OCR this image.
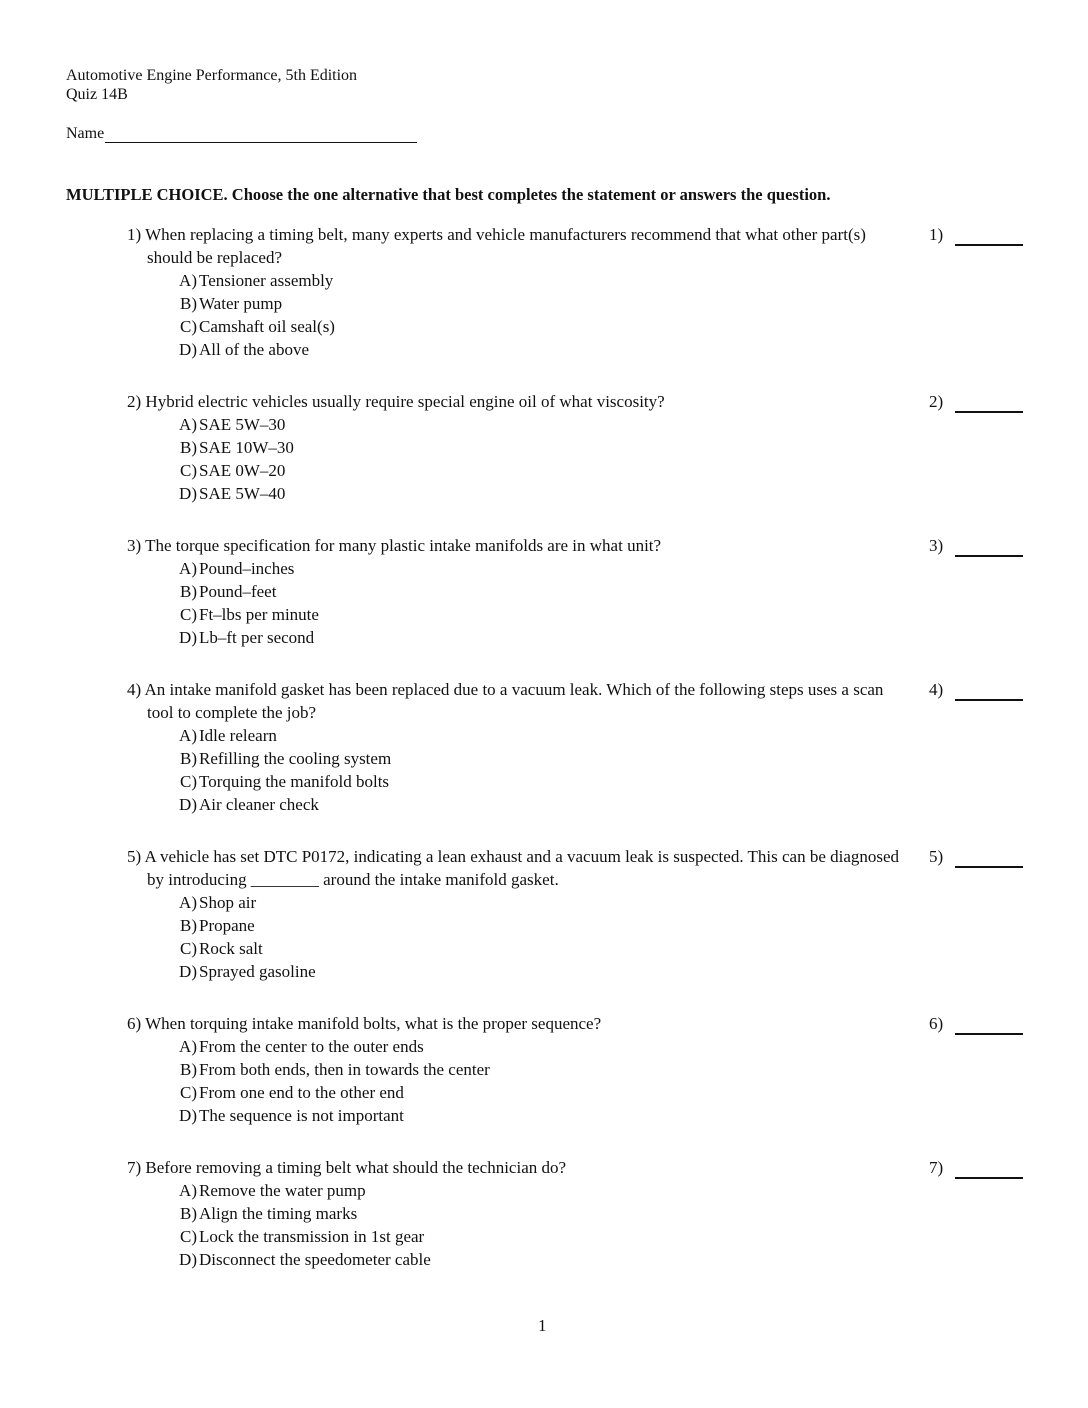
Automotive Engine Performance, 5th Edition
Quiz 14B
Name
MULTIPLE CHOICE. Choose the one alternative that best completes the statement or answers the question.
1) When replacing a timing belt, many experts and vehicle manufacturers recommend that what other part(s) should be replaced?
A) Tensioner assembly
B) Water pump
C) Camshaft oil seal(s)
D) All of the above
1)
2) Hybrid electric vehicles usually require special engine oil of what viscosity?
A) SAE 5W–30
B) SAE 10W–30
C) SAE 0W–20
D) SAE 5W–40
2)
3) The torque specification for many plastic intake manifolds are in what unit?
A) Pound–inches
B) Pound–feet
C) Ft–lbs per minute
D) Lb–ft per second
3)
4) An intake manifold gasket has been replaced due to a vacuum leak. Which of the following steps uses a scan tool to complete the job?
A) Idle relearn
B) Refilling the cooling system
C) Torquing the manifold bolts
D) Air cleaner check
4)
5) A vehicle has set DTC P0172, indicating a lean exhaust and a vacuum leak is suspected. This can be diagnosed by introducing ________ around the intake manifold gasket.
A) Shop air
B) Propane
C) Rock salt
D) Sprayed gasoline
5)
6) When torquing intake manifold bolts, what is the proper sequence?
A) From the center to the outer ends
B) From both ends, then in towards the center
C) From one end to the other end
D) The sequence is not important
6)
7) Before removing a timing belt what should the technician do?
A) Remove the water pump
B) Align the timing marks
C) Lock the transmission in 1st gear
D) Disconnect the speedometer cable
7)
1
